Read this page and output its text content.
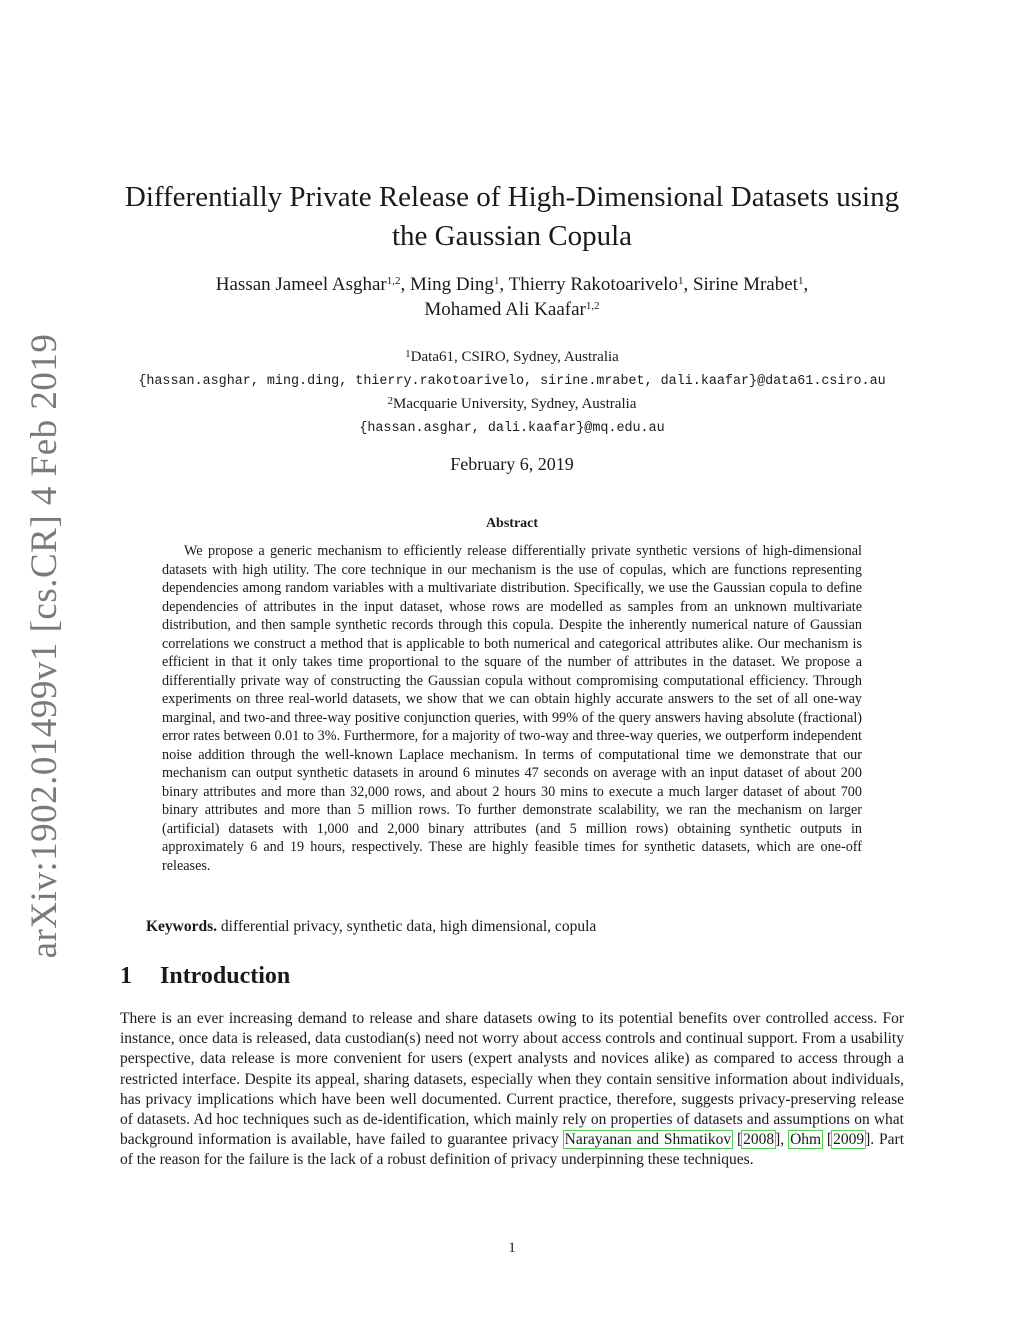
arXiv:1902.01499v1 [cs.CR] 4 Feb 2019
Differentially Private Release of High-Dimensional Datasets using the Gaussian Copula
Hassan Jameel Asghar$^{1,2}$, Ming Ding$^1$, Thierry Rakotoarivelo$^1$, Sirine Mrabet$^1$,
Mohamed Ali Kaafar$^{1,2}$
$^1$Data61, CSIRO, Sydney, Australia
{hassan.asghar, ming.ding, thierry.rakotoarivelo, sirine.mrabet, dali.kaafar}@data61.csiro.au
$^2$Macquarie University, Sydney, Australia
{hassan.asghar, dali.kaafar}@mq.edu.au
February 6, 2019
Abstract
We propose a generic mechanism to efficiently release differentially private synthetic versions of high-dimensional datasets with high utility. The core technique in our mechanism is the use of copulas, which are functions representing dependencies among random variables with a multivariate distribution. Specifically, we use the Gaussian copula to define dependencies of attributes in the input dataset, whose rows are modelled as samples from an unknown multivariate distribution, and then sample synthetic records through this copula. Despite the inherently numerical nature of Gaussian correlations we construct a method that is applicable to both numerical and categorical attributes alike. Our mechanism is efficient in that it only takes time proportional to the square of the number of attributes in the dataset. We propose a differentially private way of constructing the Gaussian copula without compromising computational efficiency. Through experiments on three real-world datasets, we show that we can obtain highly accurate answers to the set of all one-way marginal, and two-and three-way positive conjunction queries, with 99% of the query answers having absolute (fractional) error rates between 0.01 to 3%. Furthermore, for a majority of two-way and three-way queries, we outperform independent noise addition through the well-known Laplace mechanism. In terms of computational time we demonstrate that our mechanism can output synthetic datasets in around 6 minutes 47 seconds on average with an input dataset of about 200 binary attributes and more than 32,000 rows, and about 2 hours 30 mins to execute a much larger dataset of about 700 binary attributes and more than 5 million rows. To further demonstrate scalability, we ran the mechanism on larger (artificial) datasets with 1,000 and 2,000 binary attributes (and 5 million rows) obtaining synthetic outputs in approximately 6 and 19 hours, respectively. These are highly feasible times for synthetic datasets, which are one-off releases.
Keywords. differential privacy, synthetic data, high dimensional, copula
1 Introduction
There is an ever increasing demand to release and share datasets owing to its potential benefits over controlled access. For instance, once data is released, data custodian(s) need not worry about access controls and continual support. From a usability perspective, data release is more convenient for users (expert analysts and novices alike) as compared to access through a restricted interface. Despite its appeal, sharing datasets, especially when they contain sensitive information about individuals, has privacy implications which have been well documented. Current practice, therefore, suggests privacy-preserving release of datasets. Ad hoc techniques such as de-identification, which mainly rely on properties of datasets and assumptions on what background information is available, have failed to guarantee privacy Narayanan and Shmatikov [2008], Ohm [2009]. Part of the reason for the failure is the lack of a robust definition of privacy underpinning these techniques.
1
